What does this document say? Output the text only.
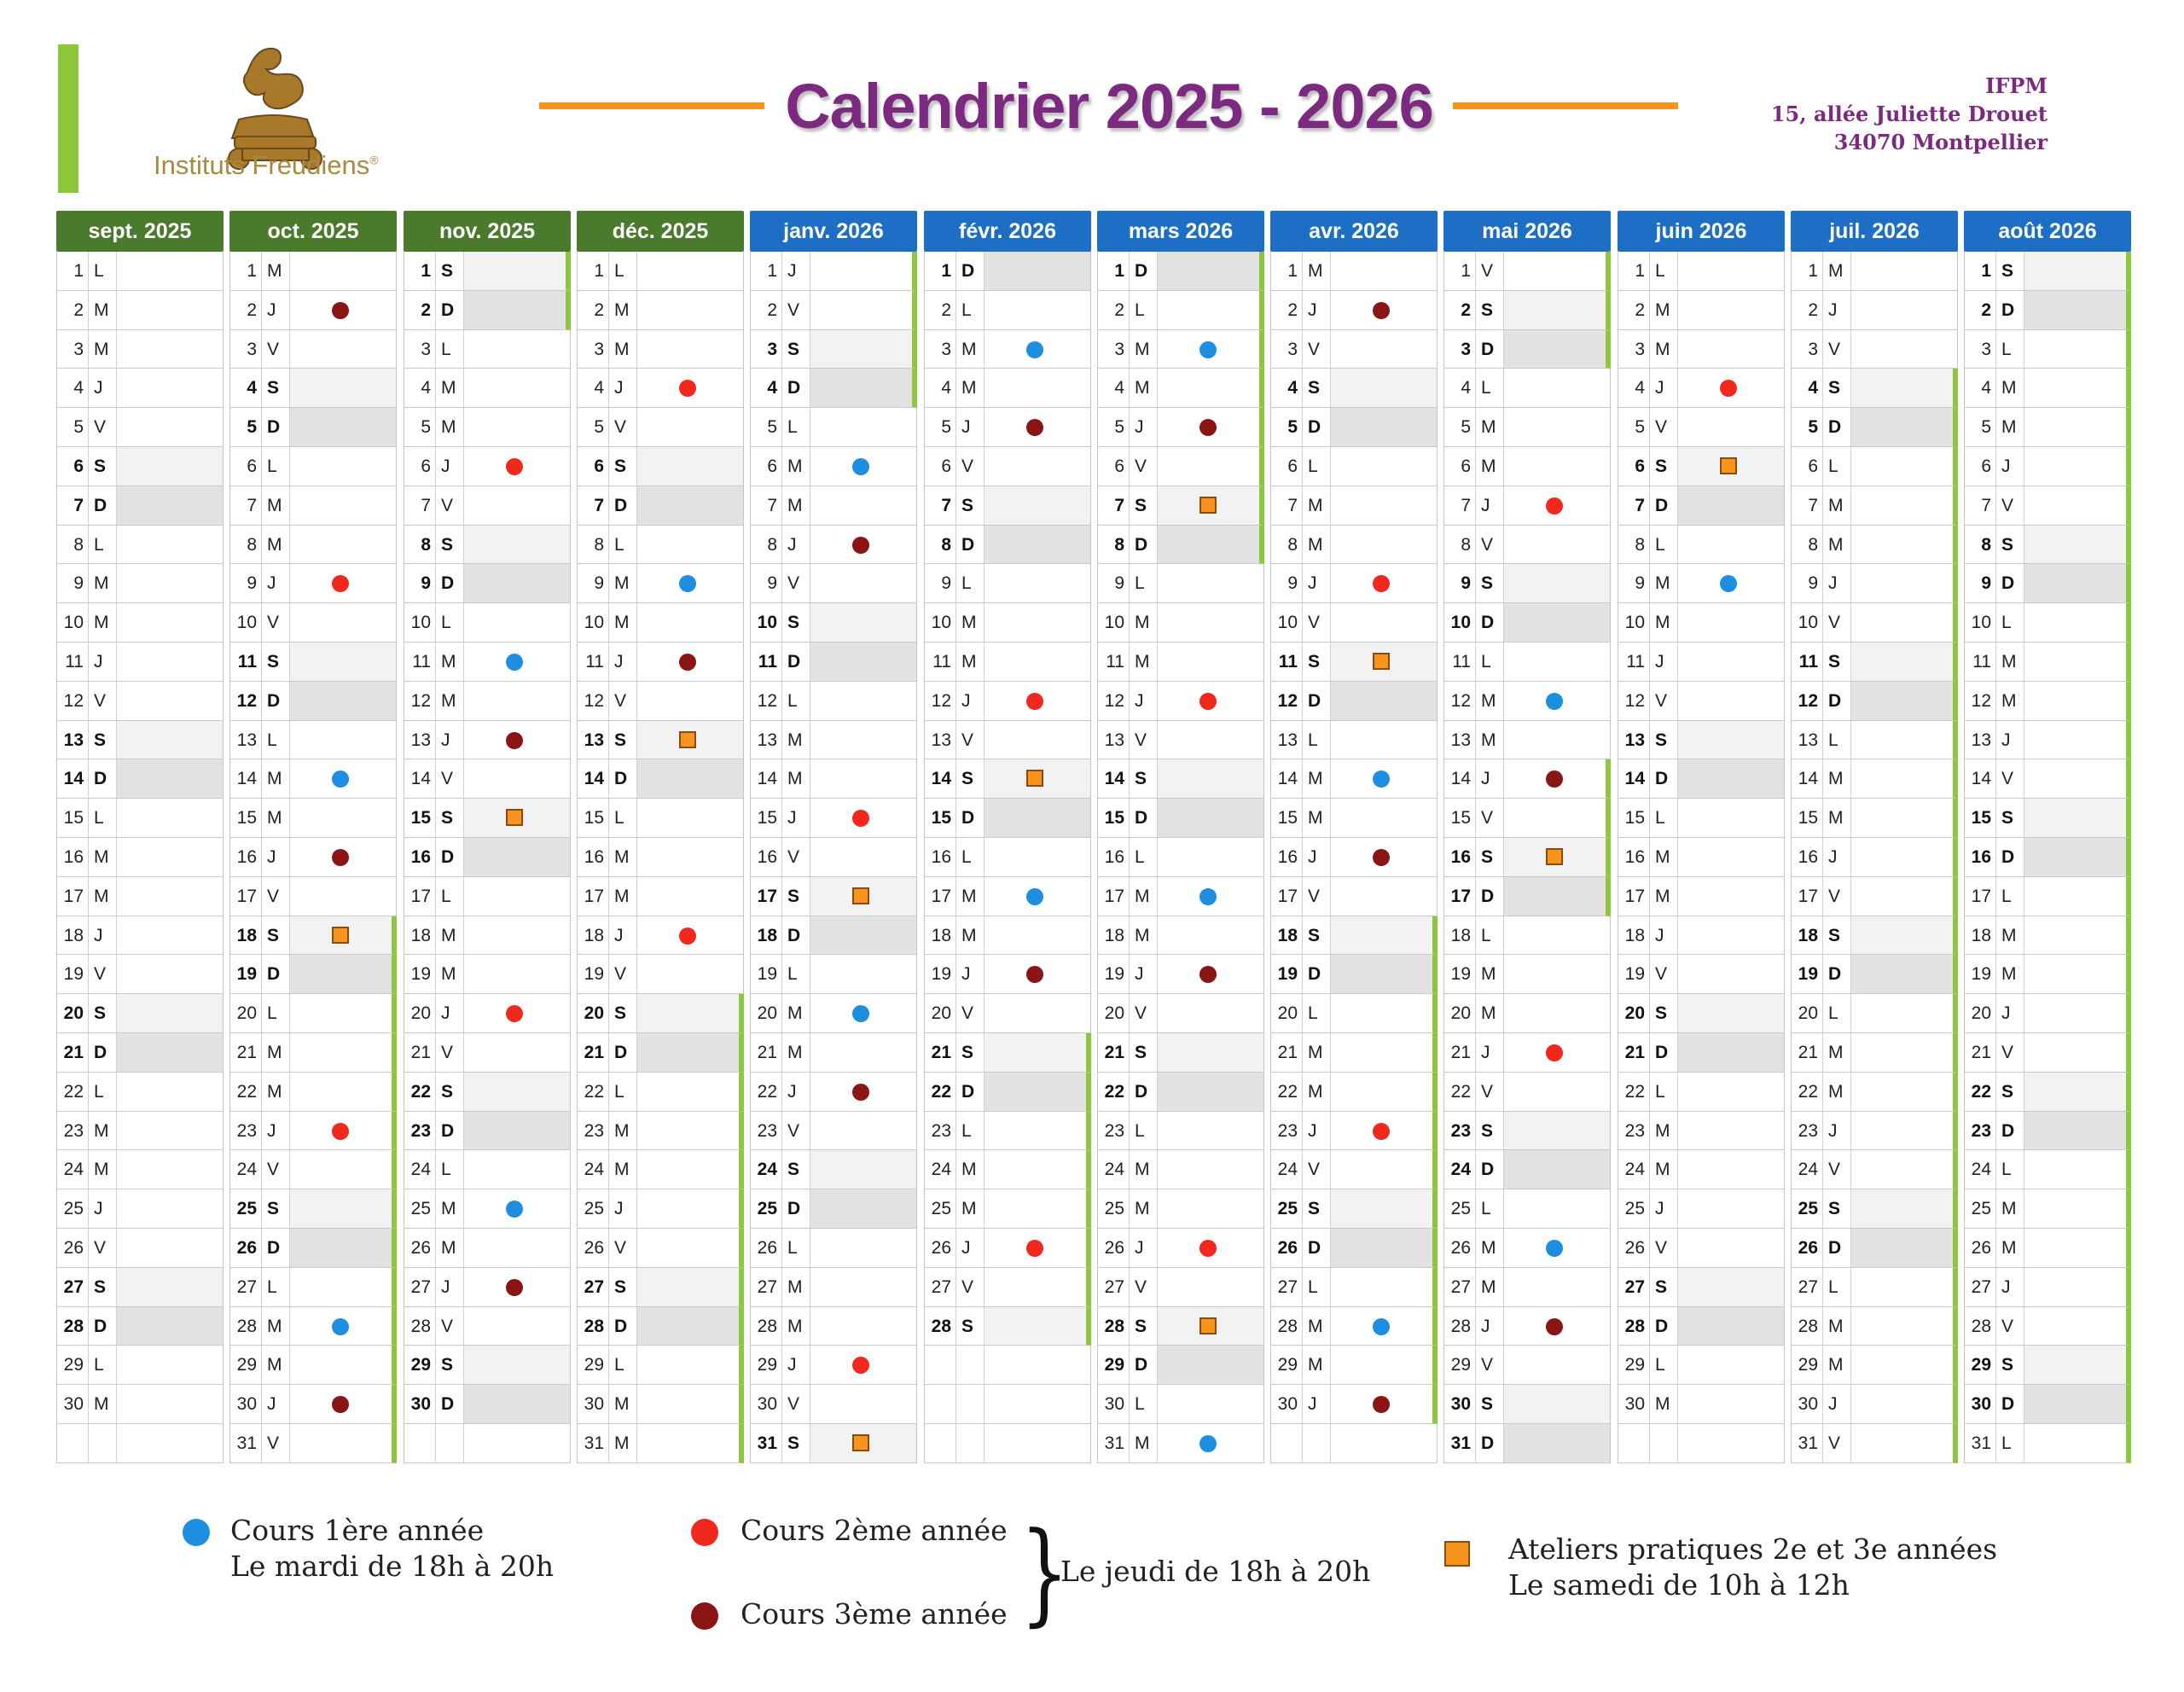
Instituts Freudiens®
Calendrier 2025 - 2026	IFPM
15, allée Juliette Drouet
34070 Montpellier
sept. 2025
1 L
2 M
3 M
4 J
5 V
6 S
7 D
8 L
9 M
10 M
11 J
12 V
13 S
14 D
15 L
16 M
17 M
18 J
19 V
20 S
21 D
22 L
23 M
24 M
25 J
26 V
27 S
28 D
29 L
30 M
oct. 2025
1 M
2 J
3 V
4 S
5 D
6 L
7 M
8 M
9 J
10 V
11 S
12 D
13 L
14 M
15 M
16 J
17 V
18 S
19 D
20 L
21 M
22 M
23 J
24 V
25 S
26 D
27 L
28 M
29 M
30 J
31 V
nov. 2025
1 S
2 D
3 L
4 M
5 M
6 J
7 V
8 S
9 D
10 L
11 M
12 M
13 J
14 V
15 S
16 D
17 L
18 M
19 M
20 J
21 V
22 S
23 D
24 L
25 M
26 M
27 J
28 V
29 S
30 D
déc. 2025
1 L
2 M
3 M
4 J
5 V
6 S
7 D
8 L
9 M
10 M
11 J
12 V
13 S
14 D
15 L
16 M
17 M
18 J
19 V
20 S
21 D
22 L
23 M
24 M
25 J
26 V
27 S
28 D
29 L
30 M
31 M
janv. 2026
1 J
2 V
3 S
4 D
5 L
6 M
7 M
8 J
9 V
10 S
11 D
12 L
13 M
14 M
15 J
16 V
17 S
18 D
19 L
20 M
21 M
22 J
23 V
24 S
25 D
26 L
27 M
28 M
29 J
30 V
31 S
févr. 2026
1 D
2 L
3 M
4 M
5 J
6 V
7 S
8 D
9 L
10 M
11 M
12 J
13 V
14 S
15 D
16 L
17 M
18 M
19 J
20 V
21 S
22 D
23 L
24 M
25 M
26 J
27 V
28 S
mars 2026
1 D
2 L
3 M
4 M
5 J
6 V
7 S
8 D
9 L
10 M
11 M
12 J
13 V
14 S
15 D
16 L
17 M
18 M
19 J
20 V
21 S
22 D
23 L
24 M
25 M
26 J
27 V
28 S
29 D
30 L
31 M
avr. 2026
1 M
2 J
3 V
4 S
5 D
6 L
7 M
8 M
9 J
10 V
11 S
12 D
13 L
14 M
15 M
16 J
17 V
18 S
19 D
20 L
21 M
22 M
23 J
24 V
25 S
26 D
27 L
28 M
29 M
30 J
mai 2026
1 V
2 S
3 D
4 L
5 M
6 M
7 J
8 V
9 S
10 D
11 L
12 M
13 M
14 J
15 V
16 S
17 D
18 L
19 M
20 M
21 J
22 V
23 S
24 D
25 L
26 M
27 M
28 J
29 V
30 S
31 D
juin 2026
1 L
2 M
3 M
4 J
5 V
6 S
7 D
8 L
9 M
10 M
11 J
12 V
13 S
14 D
15 L
16 M
17 M
18 J
19 V
20 S
21 D
22 L
23 M
24 M
25 J
26 V
27 S
28 D
29 L
30 M
juil. 2026
1 M
2 J
3 V
4 S
5 D
6 L
7 M
8 M
9 J
10 V
11 S
12 D
13 L
14 M
15 M
16 J
17 V
18 S
19 D
20 L
21 M
22 M
23 J
24 V
25 S
26 D
27 L
28 M
29 M
30 J
31 V
août 2026
1 S
2 D
3 L
4 M
5 M
6 J
7 V
8 S
9 D
10 L
11 M
12 M
13 J
14 V
15 S
16 D
17 L
18 M
19 M
20 J
21 V
22 S
23 D
24 L
25 M
26 M
27 J
28 V
29 S
30 D
31 L
Cours 1ère année
Le mardi de 18h à 20h
Cours 2ème année
Cours 3ème année }
Le jeudi de 18h à 20h
Ateliers pratiques 2e et 3e années
Le samedi de 10h à 12h
